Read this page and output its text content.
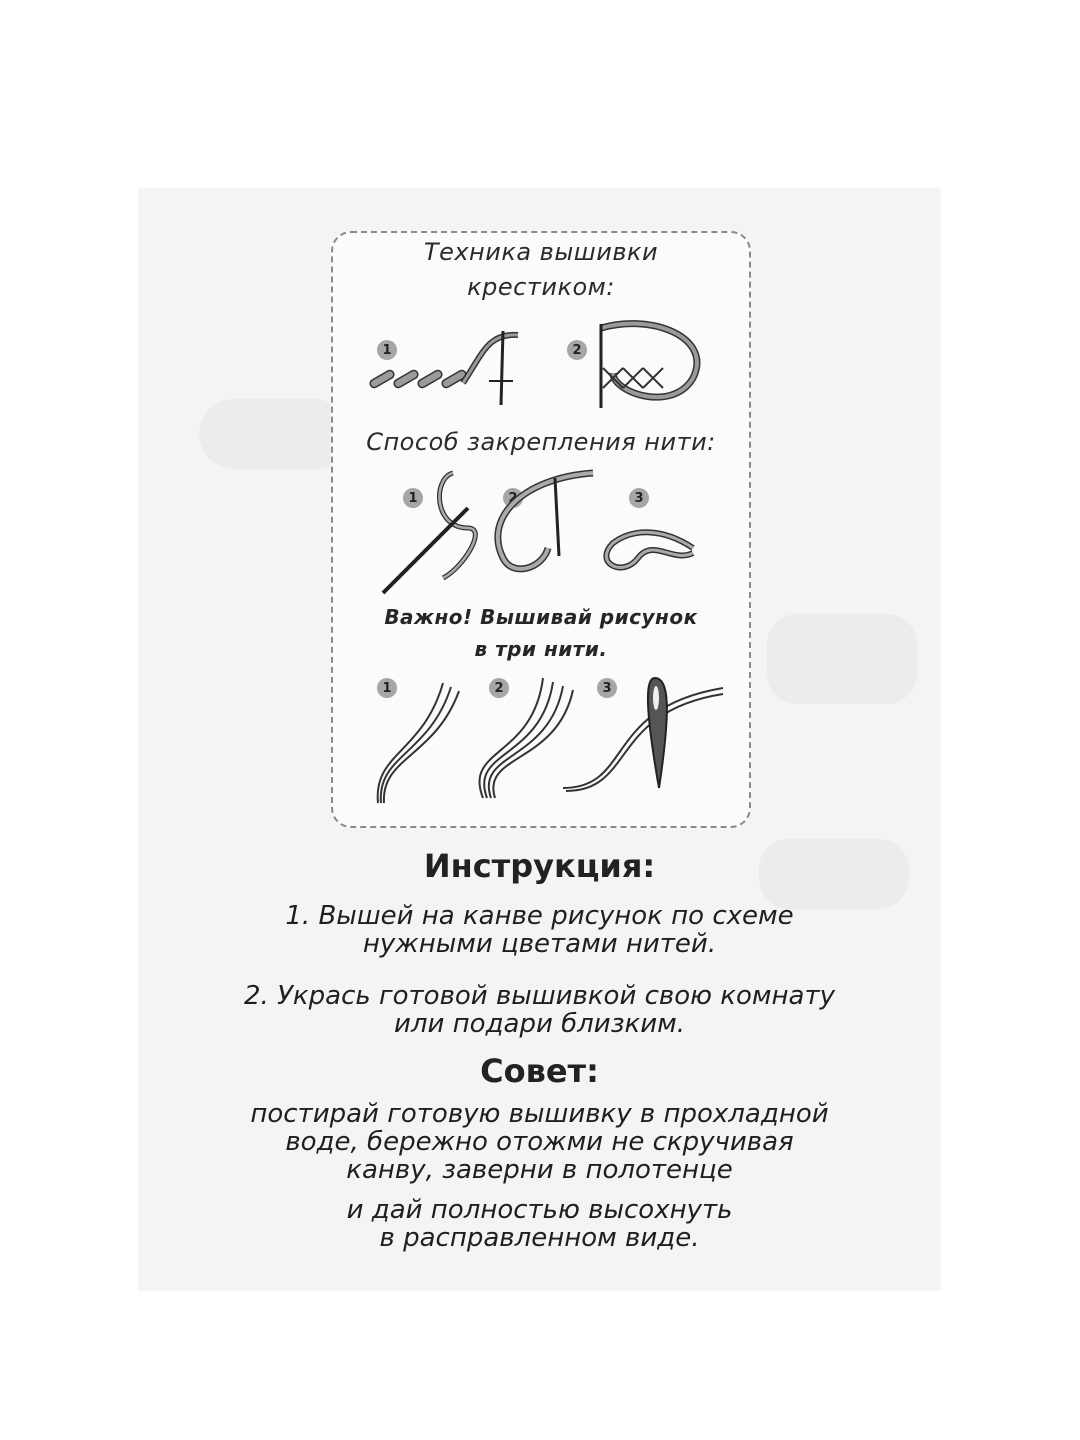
Техника вышивки
крестиком:
1	2
Способ закрепления нити:
1	2	3
Важно! Вышивай рисунок
в три нити.
1	2	3
Инструкция:
1. Вышей на канве рисунок по схеме
нужными цветами нитей.
2. Укрась готовой вышивкой свою комнату
или подари близким.
Совет:
постирай готовую вышивку в прохладной
воде, бережно отожми не скручивая
канву, заверни в полотенце
и дай полностью высохнуть
в расправленном виде.
